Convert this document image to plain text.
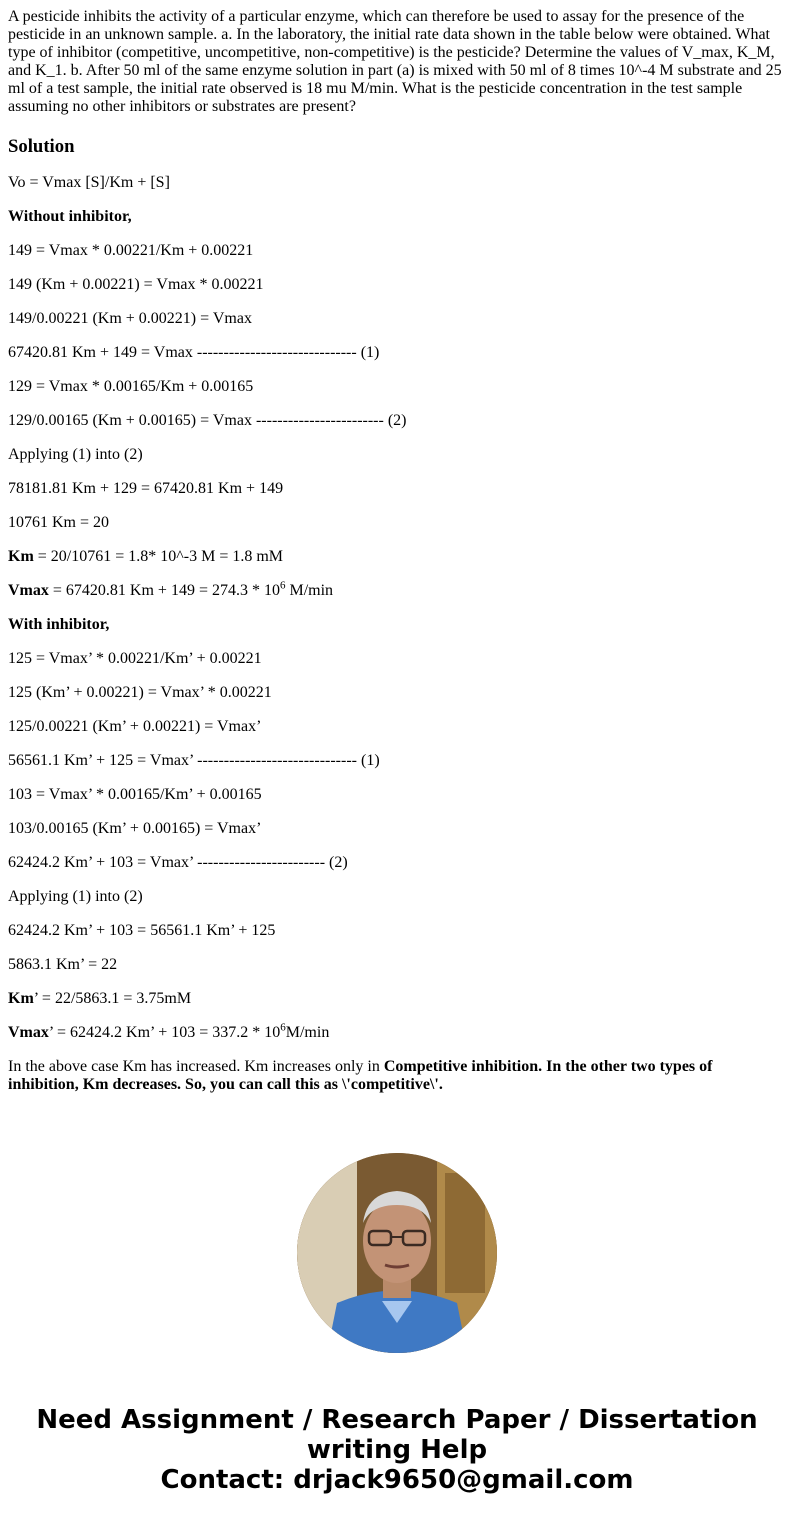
A pesticide inhibits the activity of a particular enzyme, which can therefore be used to assay for the presence of the pesticide in an unknown sample. a. In the laboratory, the initial rate data shown in the table below were obtained. What type of inhibitor (competitive, uncompetitive, non-competitive) is the pesticide? Determine the values of V_max, K_M, and K_1. b. After 50 ml of the same enzyme solution in part (a) is mixed with 50 ml of 8 times 10^-4 M substrate and 25 ml of a test sample, the initial rate observed is 18 mu M/min. What is the pesticide concentration in the test sample assuming no other inhibitors or substrates are present?

Solution

Vo = Vmax [S]/Km + [S]

Without inhibitor,

149 = Vmax * 0.00221/Km + 0.00221

149 (Km + 0.00221) = Vmax * 0.00221

149/0.00221 (Km + 0.00221) = Vmax

67420.81 Km + 149 = Vmax ------------------------------ (1)

129 = Vmax * 0.00165/Km + 0.00165

129/0.00165 (Km + 0.00165) = Vmax ------------------------ (2)

Applying (1) into (2)

78181.81 Km + 129 = 67420.81 Km + 149

10761 Km = 20

Km = 20/10761 = 1.8* 10^-3 M = 1.8 mM

Vmax = 67420.81 $Km + 149 = 274.3 * 10^6$ M/min

With inhibitor,

125 = Vmax’ * 0.00221/Km’ + 0.00221

125 (Km’ + 0.00221) = Vmax’ * 0.00221

125/0.00221 (Km’ + 0.00221) = Vmax’

56561.1 Km’ + 125 = Vmax’ ------------------------------ (1)

103 = Vmax’ * 0.00165/Km’ + 0.00165

103/0.00165 (Km’ + 0.00165) = Vmax’

62424.2 Km’ + 103 = Vmax’ ------------------------ (2)

Applying (1) into (2)

62424.2 Km’ + 103 = 56561.1 Km’ + 125

5863.1 Km’ = 22

Km’ = 22/5863.1 = 3.75mM

Vmax’ = 62424.2 Km’ + $103 = 337.2 * 10^6M/\min$

In the above case Km has increased. Km increases only in Competitive inhibition. In the other two types of inhibition, Km decreases. So, you can call this as \'competitive\'.

Need Assignment / Research Paper / Dissertation
writing Help
Contact: drjack9650@gmail.com
